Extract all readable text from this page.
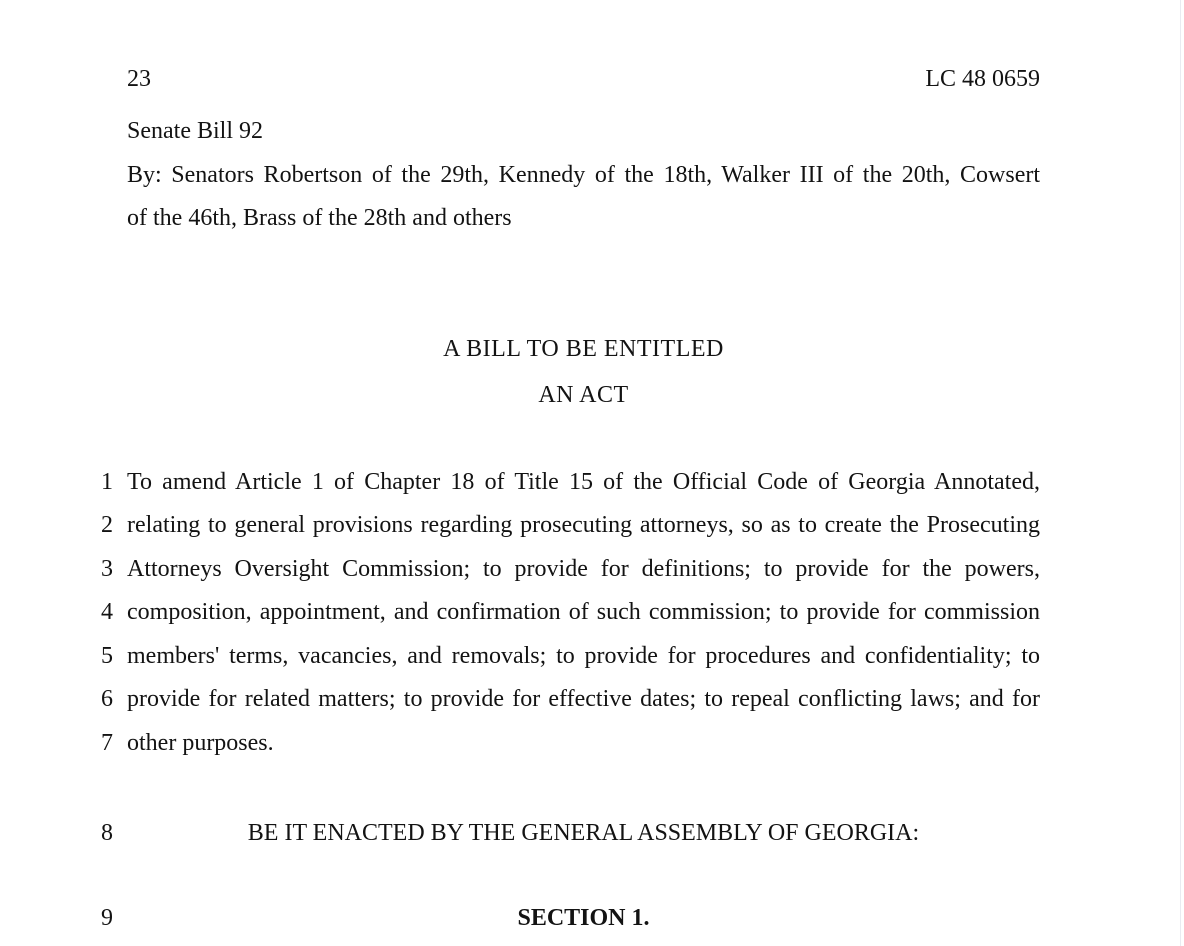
23	LC 48 0659
Senate Bill 92
By: Senators Robertson of the 29th, Kennedy of the 18th, Walker III of the 20th, Cowsert
of the 46th, Brass of the 28th and others
A BILL TO BE ENTITLED
AN ACT
1 To amend Article 1 of Chapter 18 of Title 15 of the Official Code of Georgia Annotated,
2 relating to general provisions regarding prosecuting attorneys, so as to create the Prosecuting
3 Attorneys Oversight Commission; to provide for definitions; to provide for the powers,
4 composition, appointment, and confirmation of such commission; to provide for commission
5 members' terms, vacancies, and removals; to provide for procedures and confidentiality; to
6 provide for related matters; to provide for effective dates; to repeal conflicting laws; and for
7 other purposes.
8	BE IT ENACTED BY THE GENERAL ASSEMBLY OF GEORGIA:
9	SECTION 1.
